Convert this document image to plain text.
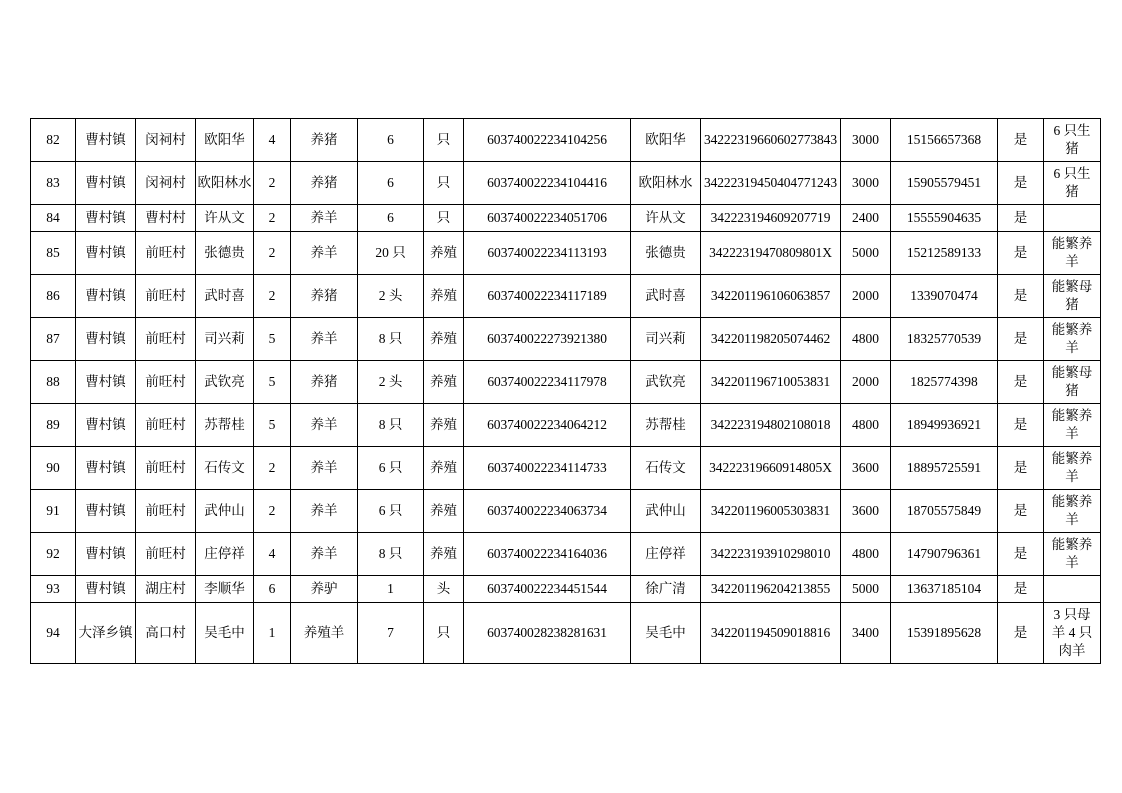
82	曹村镇	闵祠村	欧阳华	4	养猪	6	只	603740022234104256	欧阳华	34222319660602773843	3000	15156657368	是	6 只生猪
83	曹村镇	闵祠村	欧阳林水	2	养猪	6	只	603740022234104416	欧阳林水	34222319450404771243	3000	15905579451	是	6 只生猪
84	曹村镇	曹村村	许从文	2	养羊	6	只	603740022234051706	许从文	342223194609207719	2400	15555904635	是	
85	曹村镇	前旺村	张德贵	2	养羊	20 只	养殖	603740022234113193	张德贵	34222319470809801X	5000	15212589133	是	能繁养羊
86	曹村镇	前旺村	武时喜	2	养猪	2 头	养殖	603740022234117189	武时喜	342201196106063857	2000	1339070474	是	能繁母猪
87	曹村镇	前旺村	司兴莉	5	养羊	8 只	养殖	603740022273921380	司兴莉	342201198205074462	4800	18325770539	是	能繁养羊
88	曹村镇	前旺村	武钦亮	5	养猪	2 头	养殖	603740022234117978	武钦亮	342201196710053831	2000	1825774398	是	能繁母猪
89	曹村镇	前旺村	苏帮桂	5	养羊	8 只	养殖	603740022234064212	苏帮桂	342223194802108018	4800	18949936921	是	能繁养羊
90	曹村镇	前旺村	石传文	2	养羊	6 只	养殖	603740022234114733	石传文	34222319660914805X	3600	18895725591	是	能繁养羊
91	曹村镇	前旺村	武仲山	2	养羊	6 只	养殖	603740022234063734	武仲山	342201196005303831	3600	18705575849	是	能繁养羊
92	曹村镇	前旺村	庄停祥	4	养羊	8 只	养殖	603740022234164036	庄停祥	342223193910298010	4800	14790796361	是	能繁养羊
93	曹村镇	湖庄村	李顺华	6	养驴	1	头	603740022234451544	徐广清	342201196204213855	5000	13637185104	是	
94	大泽乡镇	高口村	吴毛中	1	养殖羊	7	只	603740028238281631	吴毛中	342201194509018816	3400	15391895628	是	3 只母羊 4 只肉羊
